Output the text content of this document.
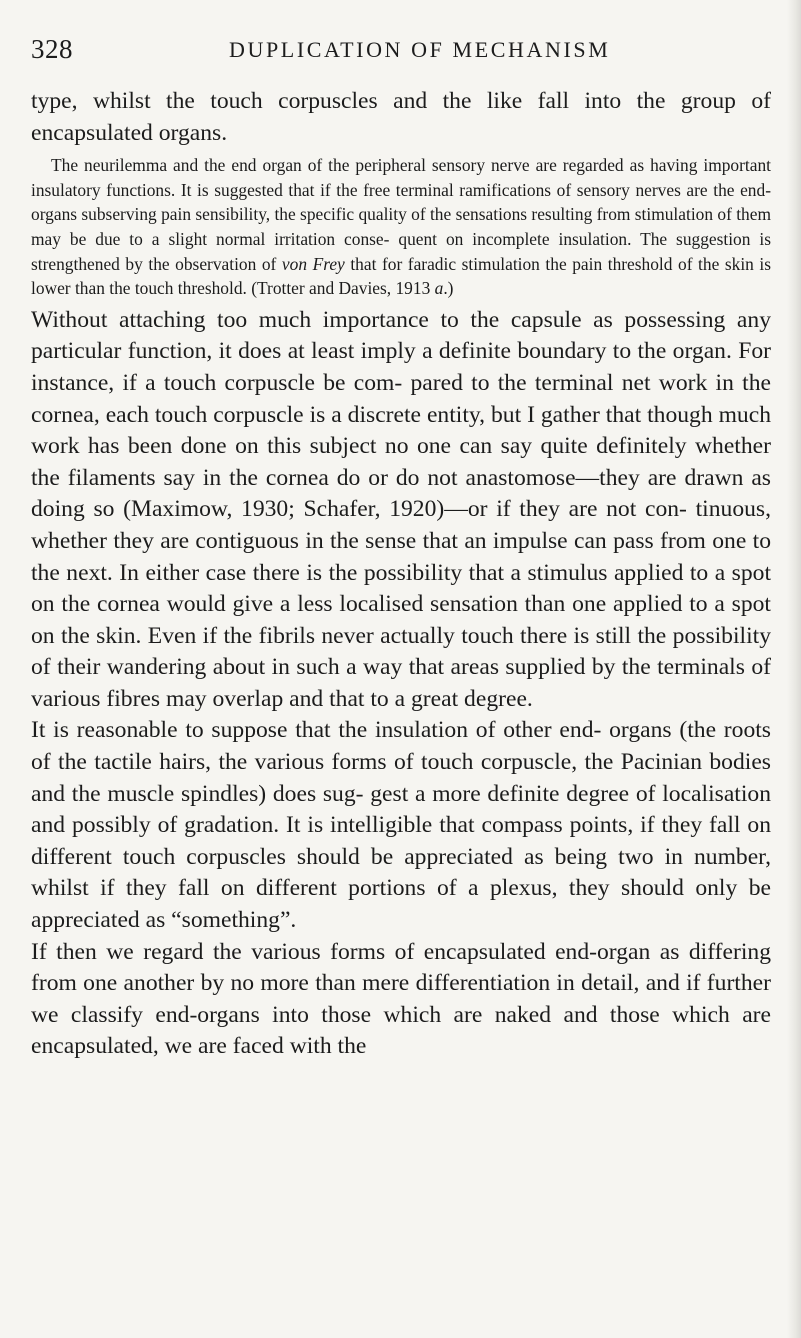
328	DUPLICATION OF MECHANISM

type, whilst the touch corpuscles and the like fall into the group of encapsulated organs.

The neurilemma and the end organ of the peripheral sensory nerve are regarded as having important insulatory functions. It is suggested that if the free terminal ramifications of sensory nerves are the end-organs subserving pain sensibility, the specific quality of the sensations resulting from stimulation of them may be due to a slight normal irritation conse- quent on incomplete insulation. The suggestion is strengthened by the observation of von Frey that for faradic stimulation the pain threshold of the skin is lower than the touch threshold. (Trotter and Davies, 1913 a.)

Without attaching too much importance to the capsule as possessing any particular function, it does at least imply a definite boundary to the organ. For instance, if a touch corpuscle be com- pared to the terminal net work in the cornea, each touch corpuscle is a discrete entity, but I gather that though much work has been done on this subject no one can say quite definitely whether the filaments say in the cornea do or do not anastomose—they are drawn as doing so (Maximow, 1930; Schafer, 1920)—or if they are not con- tinuous, whether they are contiguous in the sense that an impulse can pass from one to the next. In either case there is the possibility that a stimulus applied to a spot on the cornea would give a less localised sensation than one applied to a spot on the skin. Even if the fibrils never actually touch there is still the possibility of their wandering about in such a way that areas supplied by the terminals of various fibres may overlap and that to a great degree.

It is reasonable to suppose that the insulation of other end- organs (the roots of the tactile hairs, the various forms of touch corpuscle, the Pacinian bodies and the muscle spindles) does sug- gest a more definite degree of localisation and possibly of gradation. It is intelligible that compass points, if they fall on different touch corpuscles should be appreciated as being two in number, whilst if they fall on different portions of a plexus, they should only be appreciated as “something”.

If then we regard the various forms of encapsulated end-organ as differing from one another by no more than mere differentiation in detail, and if further we classify end-organs into those which are naked and those which are encapsulated, we are faced with the
